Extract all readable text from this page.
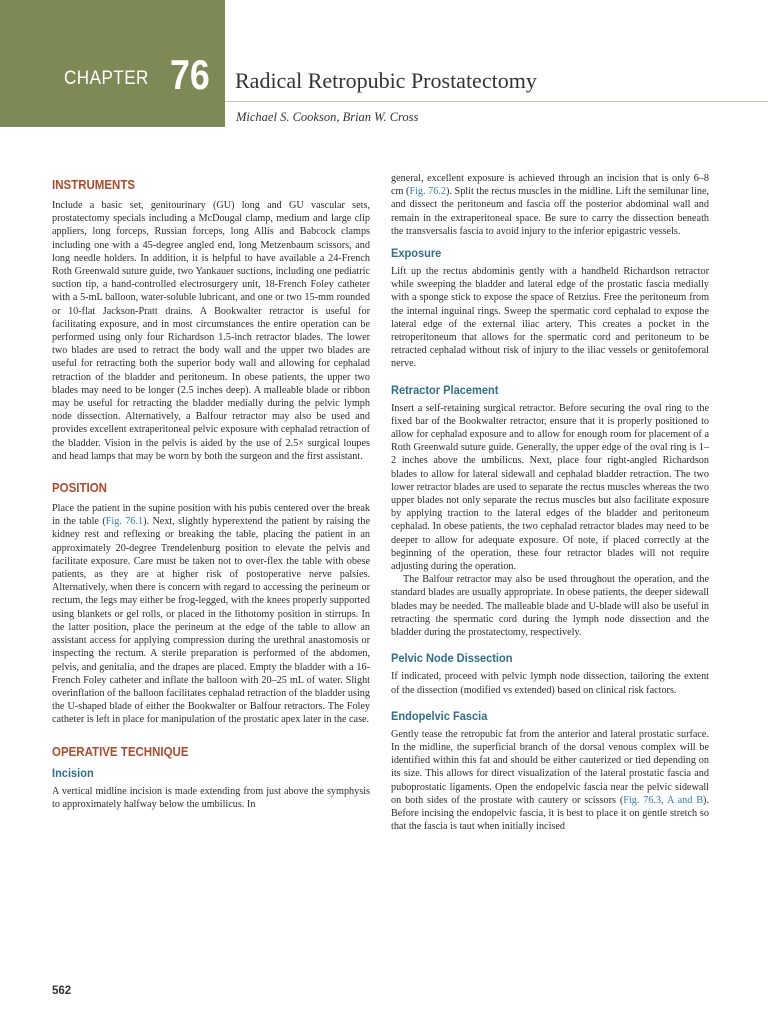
CHAPTER 76 Radical Retropubic Prostatectomy
Michael S. Cookson, Brian W. Cross
INSTRUMENTS

Include a basic set, genitourinary (GU) long and GU vascular sets, prostatectomy specials including a McDougal clamp, medium and large clip appliers, long forceps, Russian forceps, long Allis and Babcock clamps including one with a 45-degree angled end, long Metzenbaum scissors, and long needle holders. In addition, it is helpful to have available a 24-French Roth Greenwald suture guide, two Yankauer suctions, including one pediatric suction tip, a hand-controlled electrosurgery unit, 18-French Foley catheter with a 5-mL balloon, water-soluble lubricant, and one or two 15-mm rounded or 10-flat Jackson-Pratt drains. A Bookwalter retractor is useful for facilitating exposure, and in most circumstances the entire operation can be performed using only four Richardson 1.5-inch retractor blades. The lower two blades are used to retract the body wall and the upper two blades are useful for retracting both the superior body wall and allowing for cephalad retraction of the bladder and peritoneum. In obese patients, the upper two blades may need to be longer (2.5 inches deep). A malleable blade or ribbon may be useful for retracting the bladder medially during the pelvic lymph node dissection. Alternatively, a Balfour retractor may also be used and provides excellent extraperitoneal pelvic exposure with cephalad retraction of the bladder. Vision in the pelvis is aided by the use of 2.5× surgical loupes and head lamps that may be worn by both the surgeon and the first assistant.

POSITION

Place the patient in the supine position with his pubis centered over the break in the table (Fig. 76.1). Next, slightly hyperextend the patient by raising the kidney rest and reflexing or breaking the table, placing the patient in an approximately 20-degree Trendelenburg position to elevate the pelvis and facilitate exposure. Care must be taken not to over-flex the table with obese patients, as they are at higher risk of postoperative nerve palsies. Alternatively, when there is concern with regard to accessing the perineum or rectum, the legs may either be frog-legged, with the knees properly supported using blankets or gel rolls, or placed in the lithotomy position in stirrups. In the latter position, place the perineum at the edge of the table to allow an assistant access for applying compression during the urethral anastomosis or inspecting the rectum. A sterile preparation is performed of the abdomen, pelvis, and genitalia, and the drapes are placed. Empty the bladder with a 16-French Foley catheter and inflate the balloon with 20–25 mL of water. Slight overinflation of the balloon facilitates cephalad retraction of the bladder using the U-shaped blade of either the Bookwalter or Balfour retractors. The Foley catheter is left in place for manipulation of the prostatic apex later in the case.

OPERATIVE TECHNIQUE
Incision

A vertical midline incision is made extending from just above the symphysis to approximately halfway below the umbilicus. In

general, excellent exposure is achieved through an incision that is only 6–8 cm (Fig. 76.2). Split the rectus muscles in the midline. Lift the semilunar line, and dissect the peritoneum and fascia off the posterior abdominal wall and remain in the extraperitoneal space. Be sure to carry the dissection beneath the transversalis fascia to avoid injury to the inferior epigastric vessels.

Exposure

Lift up the rectus abdominis gently with a handheld Richardson retractor while sweeping the bladder and lateral edge of the prostatic fascia medially with a sponge stick to expose the space of Retzius. Free the peritoneum from the internal inguinal rings. Sweep the spermatic cord cephalad to expose the lateral edge of the external iliac artery. This creates a pocket in the retroperitoneum that allows for the spermatic cord and peritoneum to be retracted cephalad without risk of injury to the iliac vessels or genitofemoral nerve.

Retractor Placement

Insert a self-retaining surgical retractor. Before securing the oval ring to the fixed bar of the Bookwalter retractor, ensure that it is properly positioned to allow for cephalad exposure and to allow for enough room for placement of a Roth Greenwald suture guide. Generally, the upper edge of the oval ring is 1–2 inches above the umbilicus. Next, place four right-angled Richardson blades to allow for lateral sidewall and cephalad bladder retraction. The two lower retractor blades are used to separate the rectus muscles whereas the two upper blades not only separate the rectus muscles but also facilitate exposure by applying traction to the lateral edges of the bladder and peritoneum cephalad. In obese patients, the two cephalad retractor blades may need to be deeper to allow for adequate exposure. Of note, if placed correctly at the beginning of the operation, these four retractor blades will not require adjusting during the operation.

The Balfour retractor may also be used throughout the operation, and the standard blades are usually appropriate. In obese patients, the deeper sidewall blades may be needed. The malleable blade and U-blade will also be useful in retracting the spermatic cord during the lymph node dissection and the bladder during the prostatectomy, respectively.

Pelvic Node Dissection

If indicated, proceed with pelvic lymph node dissection, tailoring the extent of the dissection (modified vs extended) based on clinical risk factors.

Endopelvic Fascia

Gently tease the retropubic fat from the anterior and lateral prostatic surface. In the midline, the superficial branch of the dorsal venous complex will be identified within this fat and should be either cauterized or tied depending on its size. This allows for direct visualization of the lateral prostatic fascia and puboprostatic ligaments. Open the endopelvic fascia near the pelvic sidewall on both sides of the prostate with cautery or scissors (Fig. 76.3, A and B). Before incising the endopelvic fascia, it is best to place it on gentle stretch so that the fascia is taut when initially incised

562
